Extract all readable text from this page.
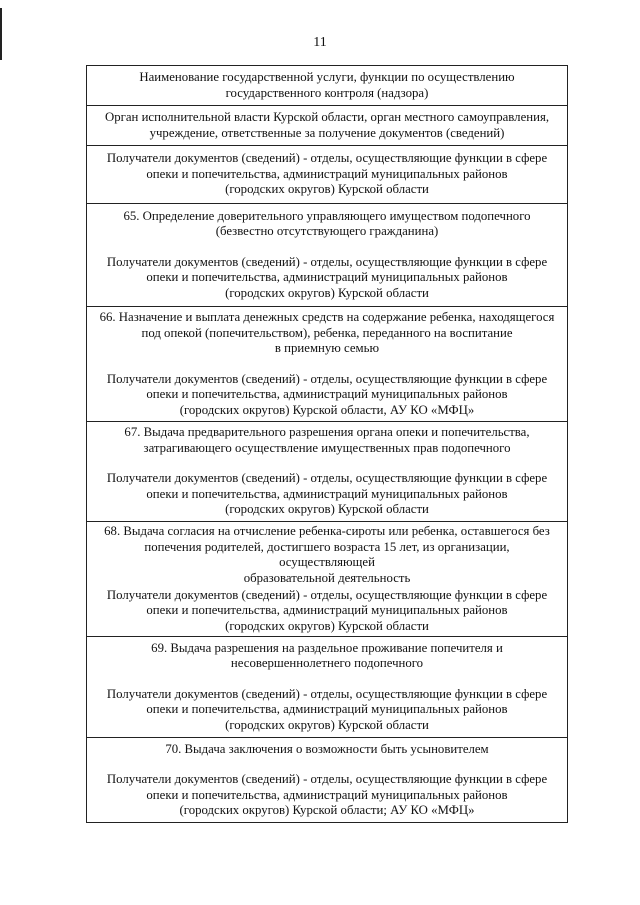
11
Наименование государственной услуги, функции по осуществлению
государственного контроля (надзора)
Орган исполнительной власти Курской области, орган местного самоуправления,
учреждение, ответственные за получение документов (сведений)
Получатели документов (сведений) - отделы, осуществляющие функции в сфере
опеки и попечительства, администраций муниципальных районов
(городских округов) Курской области
65. Определение доверительного управляющего имуществом подопечного
(безвестно отсутствующего гражданина)
Получатели документов (сведений) - отделы, осуществляющие функции в сфере
опеки и попечительства, администраций муниципальных районов
(городских округов) Курской области
66. Назначение и выплата денежных средств на содержание ребенка, находящегося
под опекой (попечительством), ребенка, переданного на воспитание
в приемную семью
Получатели документов (сведений) - отделы, осуществляющие функции в сфере
опеки и попечительства, администраций муниципальных районов
(городских округов) Курской области, АУ КО «МФЦ»
67. Выдача предварительного разрешения органа опеки и попечительства,
затрагивающего осуществление имущественных прав подопечного
Получатели документов (сведений) - отделы, осуществляющие функции в сфере
опеки и попечительства, администраций муниципальных районов
(городских округов) Курской области
68. Выдача согласия на отчисление ребенка-сироты или ребенка, оставшегося без
попечения родителей, достигшего возраста 15 лет, из организации, осуществляющей
образовательной деятельность
Получатели документов (сведений) - отделы, осуществляющие функции в сфере
опеки и попечительства, администраций муниципальных районов
(городских округов) Курской области
69. Выдача разрешения на раздельное проживание попечителя и
несовершеннолетнего подопечного
Получатели документов (сведений) - отделы, осуществляющие функции в сфере
опеки и попечительства, администраций муниципальных районов
(городских округов) Курской области
70. Выдача заключения о возможности быть усыновителем
Получатели документов (сведений) - отделы, осуществляющие функции в сфере
опеки и попечительства, администраций муниципальных районов
(городских округов) Курской области; АУ КО «МФЦ»
